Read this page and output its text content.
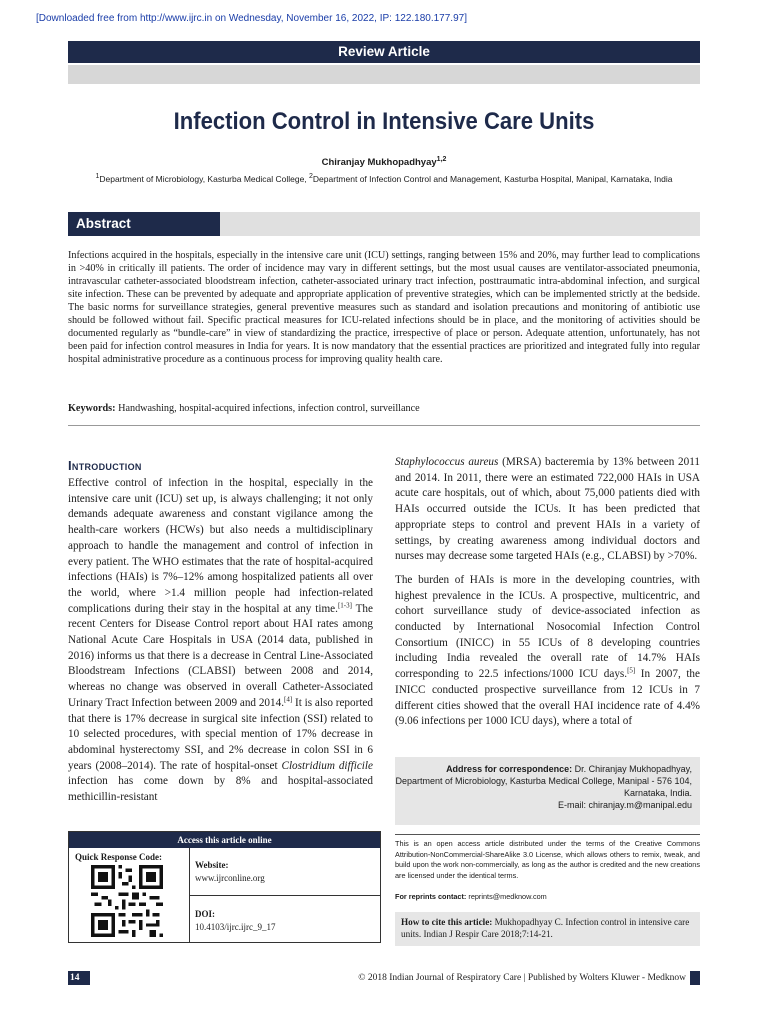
[Downloaded free from http://www.ijrc.in on Wednesday, November 16, 2022, IP: 122.180.177.97]
Review Article
Infection Control in Intensive Care Units
Chiranjay Mukhopadhyay$^{1,2}$
$^1$Department of Microbiology, Kasturba Medical College, $^2$Department of Infection Control and Management, Kasturba Hospital, Manipal, Karnataka, India
Abstract
Infections acquired in the hospitals, especially in the intensive care unit (ICU) settings, ranging between 15% and 20%, may further lead to complications in >40% in critically ill patients. The order of incidence may vary in different settings, but the most usual causes are ventilator-associated pneumonia, intravascular catheter-associated bloodstream infection, catheter-associated urinary tract infection, posttraumatic intra-abdominal infection, and surgical site infection. These can be prevented by adequate and appropriate application of preventive strategies, which can be implemented strictly at the bedside. The basic norms for surveillance strategies, general preventive measures such as standard and isolation precautions and monitoring of antibiotic use should be followed without fail. Specific practical measures for ICU-related infections should be in place, and the monitoring of activities should be documented regularly as “bundle-care” in view of standardizing the practice, irrespective of place or person. Adequate attention, unfortunately, has not been paid for infection control measures in India for years. It is now mandatory that the essential practices are prioritized and integrated fully into regular hospital administrative procedure as a continuous process for improving quality health care.
Keywords: Handwashing, hospital-acquired infections, infection control, surveillance
Introduction

Effective control of infection in the hospital, especially in the intensive care unit (ICU) set up, is always challenging; it not only demands adequate awareness and constant vigilance among the health-care workers (HCWs) but also needs a multidisciplinary approach to handle the management and control of infection in every patient. The WHO estimates that the rate of hospital-acquired infections (HAIs) is 7%–12% among hospitalized patients all over the world, where >1.4 million people had infection-related complications during their stay in the hospital at any time.[1-3] The recent Centers for Disease Control report about HAI rates among National Acute Care Hospitals in USA (2014 data, published in 2016) informs us that there is a decrease in Central Line-Associated Bloodstream Infections (CLABSI) between 2008 and 2014, whereas no change was observed in overall Catheter-Associated Urinary Tract Infection between 2009 and 2014.[4] It is also reported that there is 17% decrease in surgical site infection (SSI) related to 10 selected procedures, with special mention of 17% decrease in abdominal hysterectomy SSI, and 2% decrease in colon SSI in 6 years (2008–2014). The rate of hospital-onset Clostridium difficile infection has come down by 8% and hospital-associated methicillin-resistant

Staphylococcus aureus (MRSA) bacteremia by 13% between 2011 and 2014. In 2011, there were an estimated 722,000 HAIs in USA acute care hospitals, out of which, about 75,000 patients died with HAIs occurred outside the ICUs. It has been predicted that appropriate steps to control and prevent HAIs in a variety of settings, by creating awareness among individual doctors and nurses may decrease some targeted HAIs (e.g., CLABSI) by >70%.

The burden of HAIs is more in the developing countries, with highest prevalence in the ICUs. A prospective, multicentric, and cohort surveillance study of device-associated infection as conducted by International Nosocomial Infection Control Consortium (INICC) in 55 ICUs of 8 developing countries including India revealed the overall rate of 14.7% HAIs corresponding to 22.5 infections/1000 ICU days.[5] In 2007, the INICC conducted prospective surveillance from 12 ICUs in 7 different cities showed that the overall HAI incidence rate of 4.4% (9.06 infections per 1000 ICU days), where a total of

Address for correspondence: Dr. Chiranjay Mukhopadhyay,
Department of Microbiology, Kasturba Medical College, Manipal - 576 104,
Karnataka, India.
E-mail: chiranjay.m@manipal.edu
This is an open access article distributed under the terms of the Creative Commons Attribution-NonCommercial-ShareAlike 3.0 License, which allows others to remix, tweak, and build upon the work non-commercially, as long as the author is credited and the new creations are licensed under the identical terms.
For reprints contact: reprints@medknow.com
How to cite this article: Mukhopadhyay C. Infection control in intensive care units. Indian J Respir Care 2018;7:14-21.
Access this article online
Quick Response Code:
Website:
www.ijrconline.org
DOI:
10.4103/ijrc.ijrc_9_17
14	© 2018 Indian Journal of Respiratory Care | Published by Wolters Kluwer - Medknow
